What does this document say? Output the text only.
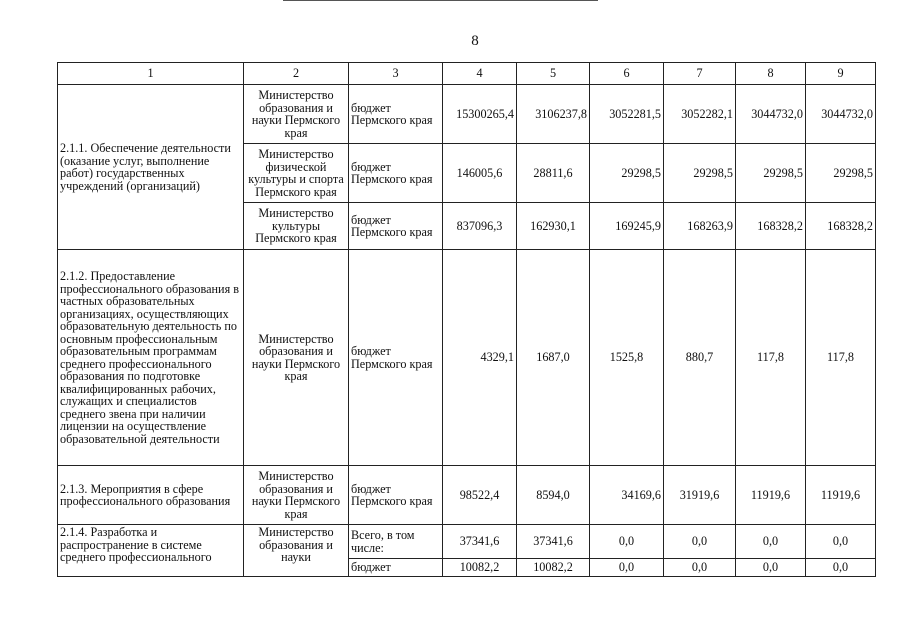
8
1	2	3	4	5	6	7	8	9
2.1.1. Обеспечение деятельности (оказание услуг, выполнение работ) государственных учреждений (организаций)	Министерство образования и науки Пермского края	бюджет Пермского края	15300265,4	3106237,8	3052281,5	3052282,1	3044732,0	3044732,0
	Министерство физической культуры и спорта Пермского края	бюджет Пермского края	146005,6	28811,6	29298,5	29298,5	29298,5	29298,5
	Министерство культуры Пермского края	бюджет Пермского края	837096,3	162930,1	169245,9	168263,9	168328,2	168328,2
2.1.2. Предоставление профессионального образования в частных образовательных организациях, осуществляющих образовательную деятельность по основным профессиональным образовательным программам среднего профессионального образования по подготовке квалифицированных рабочих, служащих и специалистов среднего звена при наличии лицензии на осуществление образовательной деятельности	Министерство образования и науки Пермского края	бюджет Пермского края	4329,1	1687,0	1525,8	880,7	117,8	117,8
2.1.3. Мероприятия в сфере профессионального образования	Министерство образования и науки Пермского края	бюджет Пермского края	98522,4	8594,0	34169,6	31919,6	11919,6	11919,6
2.1.4. Разработка и распространение в системе среднего профессионального	Министерство образования и науки	Всего, в том числе:	37341,6	37341,6	0,0	0,0	0,0	0,0
		бюджет	10082,2	10082,2	0,0	0,0	0,0	0,0
